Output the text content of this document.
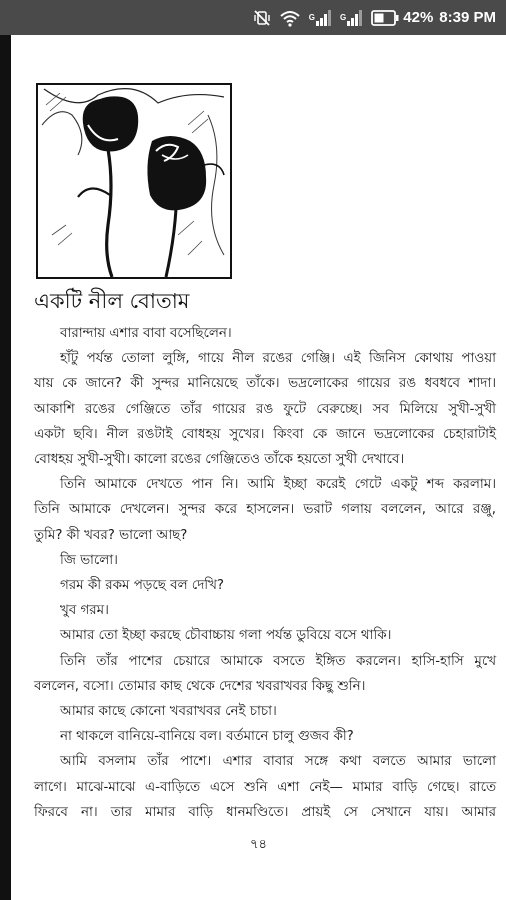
G	G	42% 8:39 PM
একটি নীল বোতাম

বারান্দায় এশার বাবা বসেছিলেন।

হাঁটু পর্যন্ত তোলা লুঙ্গি, গায়ে নীল রঙের গেঞ্জি। এই জিনিস কোথায় পাওয়া

যায় কে জানে? কী সুন্দর মানিয়েছে তাঁকে। ভদ্রলোকের গায়ের রঙ ধবধবে শাদা।

আকাশি রঙের গেঞ্জিতে তাঁর গায়ের রঙ ফুটে বেরুচ্ছে। সব মিলিয়ে সুখী-সুখী

একটা ছবি। নীল রঙটাই বোধহয় সুখের। কিংবা কে জানে ভদ্রলোকের চেহারাটাই

বোধহয় সুখী-সুখী। কালো রঙের গেঞ্জিতেও তাঁকে হয়তো সুখী দেখাবে।

তিনি আমাকে দেখতে পান নি। আমি ইচ্ছা করেই গেটে একটু শব্দ করলাম।

তিনি আমাকে দেখলেন। সুন্দর করে হাসলেন। ভরাট গলায় বললেন, আরে রঞ্জু,

তুমি? কী খবর? ভালো আছ?

জি ভালো।

গরম কী রকম পড়ছে বল দেখি?

খুব গরম।

আমার তো ইচ্ছা করছে চৌবাচ্চায় গলা পর্যন্ত ডুবিয়ে বসে থাকি।

তিনি তাঁর পাশের চেয়ারে আমাকে বসতে ইঙ্গিত করলেন। হাসি-হাসি মুখে

বললেন, বসো। তোমার কাছ থেকে দেশের খবরাখবর কিছু শুনি।

আমার কাছে কোনো খবরাখবর নেই চাচা।

না থাকলে বানিয়ে-বানিয়ে বল। বর্তমানে চালু গুজব কী?

আমি বসলাম তাঁর পাশে। এশার বাবার সঙ্গে কথা বলতে আমার ভালো

লাগে। মাঝে-মাঝে এ-বাড়িতে এসে শুনি এশা নেই— মামার বাড়ি গেছে। রাতে

ফিরবে না। তার মামার বাড়ি ধানমণ্ডিতে। প্রায়ই সে সেখানে যায়। আমার

৭৪
